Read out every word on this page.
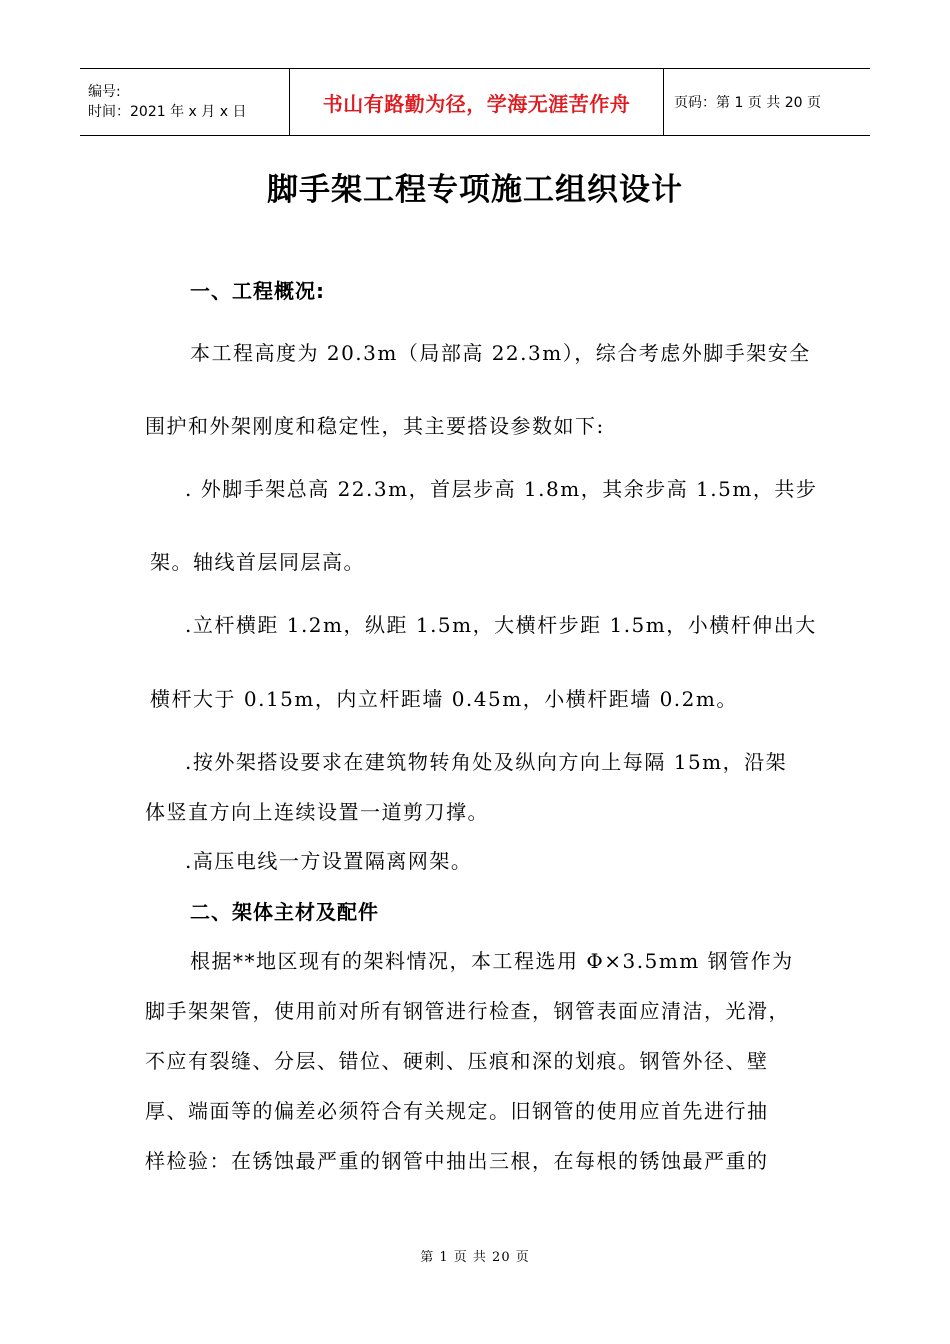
编号:
时间：2021 年 x 月 x 日	书山有路勤为径，学海无涯苦作舟	页码：第 1 页 共 20 页
脚手架工程专项施工组织设计
一、工程概况:
本工程高度为 20.3m（局部高 22.3m），综合考虑外脚手架安全
围护和外架刚度和稳定性，其主要搭设参数如下:
. 外脚手架总高 22.3m，首层步高 1.8m，其余步高 1.5m，共步
架。轴线首层同层高。
.立杆横距 1.2m，纵距 1.5m，大横杆步距 1.5m，小横杆伸出大
横杆大于 0.15m，内立杆距墙 0.45m，小横杆距墙 0.2m。
.按外架搭设要求在建筑物转角处及纵向方向上每隔 15m，沿架
体竖直方向上连续设置一道剪刀撑。
.高压电线一方设置隔离网架。
二、架体主材及配件
根据**地区现有的架料情况，本工程选用 Φ×3.5mm 钢管作为
脚手架架管，使用前对所有钢管进行检查，钢管表面应清洁，光滑，
不应有裂缝、分层、错位、硬刺、压痕和深的划痕。钢管外径、壁
厚、端面等的偏差必须符合有关规定。旧钢管的使用应首先进行抽
样检验：在锈蚀最严重的钢管中抽出三根，在每根的锈蚀最严重的
第 1 页 共 20 页
